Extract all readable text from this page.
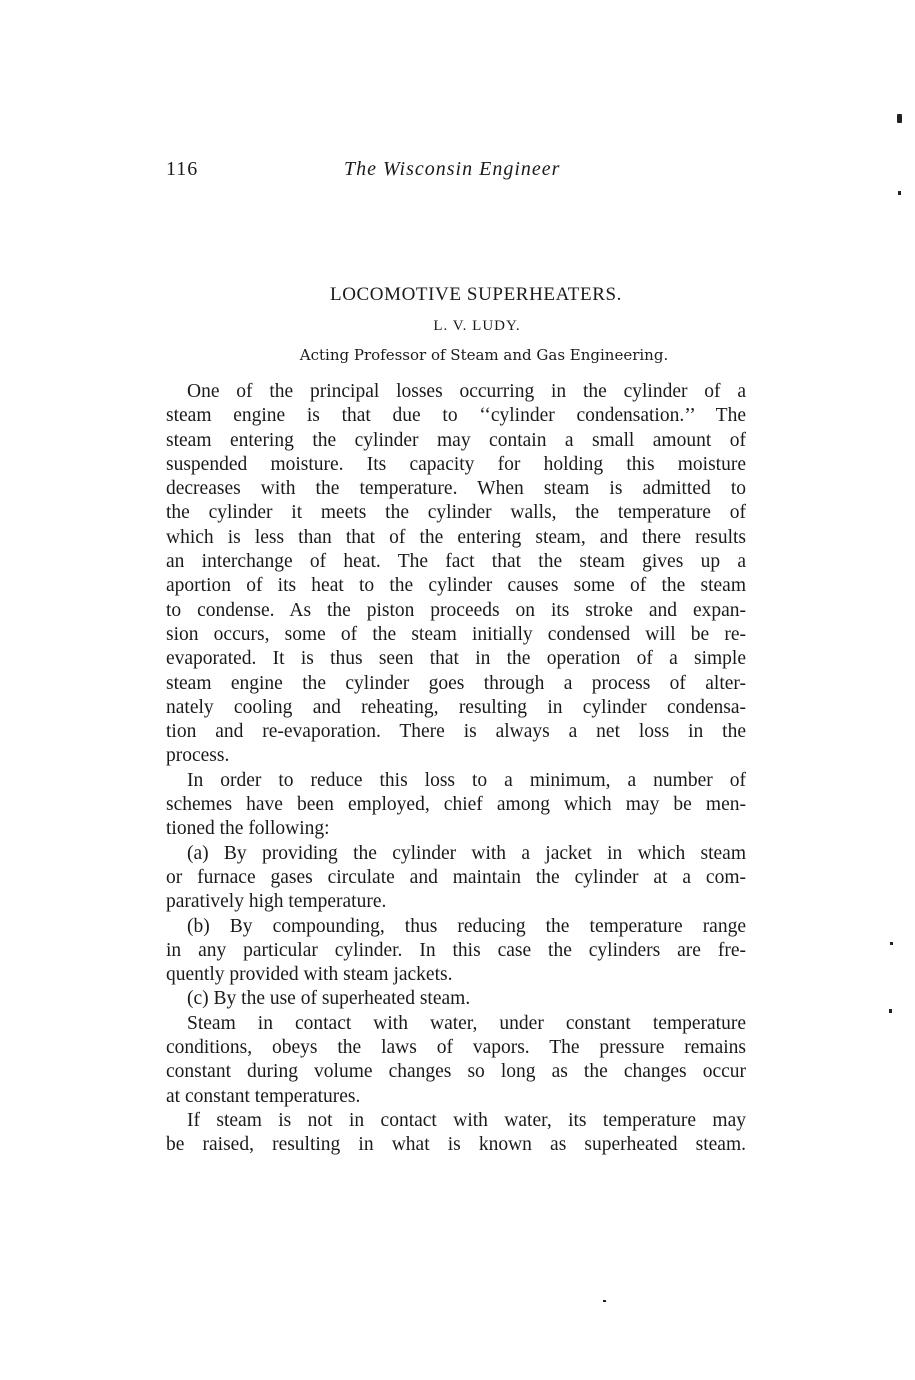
116	The Wisconsin Engineer
LOCOMOTIVE SUPERHEATERS.
L. V. LUDY.
Acting Professor of Steam and Gas Engineering.
One of the principal losses occurring in the cylinder of a
steam engine is that due to ‘‘cylinder condensation.’’ The
steam entering the cylinder may contain a small amount of
suspended moisture. Its capacity for holding this moisture
decreases with the temperature. When steam is admitted to
the cylinder it meets the cylinder walls, the temperature of
which is less than that of the entering steam, and there results
an interchange of heat. The fact that the steam gives up a
aportion of its heat to the cylinder causes some of the steam
to condense. As the piston proceeds on its stroke and expan-
sion occurs, some of the steam initially condensed will be re-
evaporated. It is thus seen that in the operation of a simple
steam engine the cylinder goes through a process of alter-
nately cooling and reheating, resulting in cylinder condensa-
tion and re-evaporation. There is always a net loss in the
process.
In order to reduce this loss to a minimum, a number of
schemes have been employed, chief among which may be men-
tioned the following:
(a) By providing the cylinder with a jacket in which steam
or furnace gases circulate and maintain the cylinder at a com-
paratively high temperature.
(b) By compounding, thus reducing the temperature range
in any particular cylinder. In this case the cylinders are fre-
quently provided with steam jackets.
(c) By the use of superheated steam.
Steam in contact with water, under constant temperature
conditions, obeys the laws of vapors. The pressure remains
constant during volume changes so long as the changes occur
at constant temperatures.
If steam is not in contact with water, its temperature may
be raised, resulting in what is known as superheated steam.
